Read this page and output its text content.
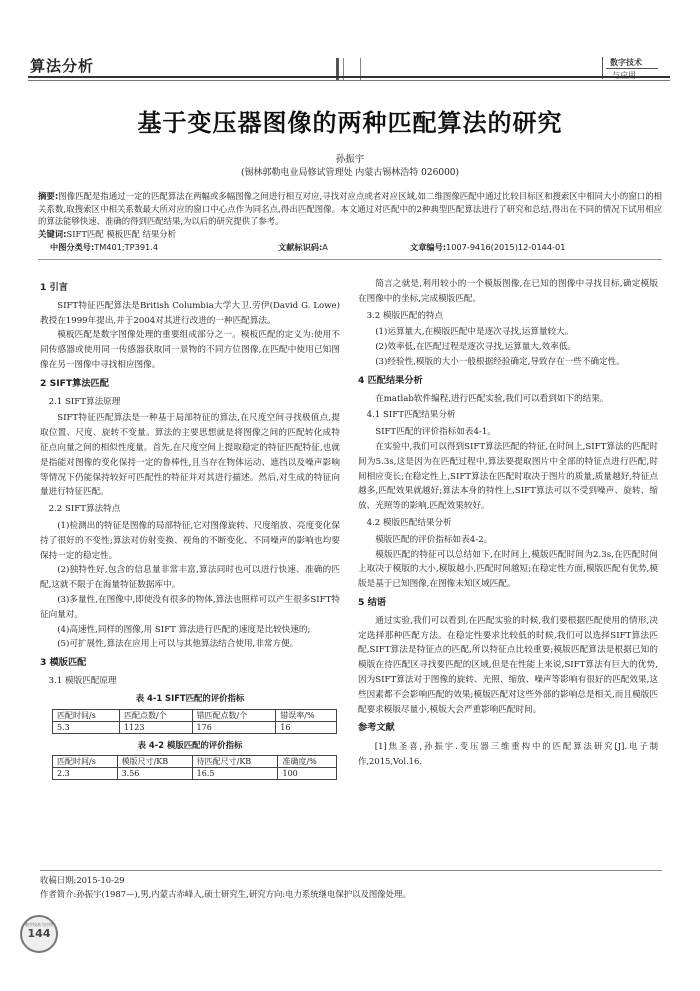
算法分析	数字技术
基于变压器图像的两种匹配算法的研究
孙振宇
(锡林郭勒电业局修试管理处 内蒙古锡林浩特 026000)
摘要:图像匹配是指通过一定的匹配算法在两幅或多幅图像之间进行相互对应,寻找对应点或者对应区域,如二维图像匹配中通过比较目标区和搜索区中相同大小的窗口的相关系数,取搜索区中相关系数最大所对应的窗口中心点作为同名点,得出匹配图像。本文通过对匹配中的2种典型匹配算法进行了研究和总结,得出在不同的情况下试用相应的算法能够快速、准确的得到匹配结果,为以后的研究提供了参考。
关键词:SIFT匹配 模板匹配 结果分析
中图分类号:TM401;TP391.4	文献标识码:A	文章编号:1007-9416(2015)12-0144-01
1 引言

SIFT特征匹配算法是British Columbia大学大卫.劳伊(David G. Lowe)教授在1999年提出,并于2004对其进行改进的一种匹配算法。

模板匹配是数字图像处理的重要组成部分之一。模板匹配的定义为:使用不同传感器或使用同一传感器获取同一景物的不同方位图像,在匹配中使用已知图像在另一图像中寻找相应图像。

2 SIFT算法匹配

2.1 SIFT算法原理

SIFT特征匹配算法是一种基于局部特征的算法,在尺度空间寻找极值点,提取位置、尺度、旋转不变量。算法的主要思想就是将图像之间的匹配转化成特征点向量之间的相似性度量。首先,在尺度空间上提取稳定的特征匹配特征,也就是指能对图像的变化保持一定的鲁棒性,且当存在物体运动、遮挡以及噪声影响等情况下仍能保持较好可匹配性的特征并对其进行描述。然后,对生成的特征向量进行特征匹配。

2.2 SIFT算法特点

(1)检测出的特征是图像的局部特征,它对图像旋转、尺度缩放、亮度变化保持了很好的不变性;算法对仿射变换、视角的不断变化、不同噪声的影响也均要保持一定的稳定性。

(2)独特性好,包含的信息量非常丰富,算法同时也可以进行快速、准确的匹配,这就不限于在海量特征数据库中。

(3)多量性,在图像中,即使没有很多的物体,算法也照样可以产生很多SIFT特征向量对。

(4)高速性,同样的图像,用 SIFT 算法进行匹配的速度是比较快速的;

(5)可扩展性,算法在应用上可以与其他算法结合使用,非常方便。

3 模版匹配

3.1 模版匹配原理

表 4-1 SIFT匹配的评价指标
匹配时间/s	匹配点数/个	错匹配点数/个	错误率/%
5.3	1123	176	16
表 4-2 模版匹配的评价指标
匹配时间/s	模版尺寸/KB	待匹配尺寸/KB	准确度/%
2.3	3.56	16.5	100

简言之就是,利用较小的一个模版图像,在已知的图像中寻找目标,确定模版在图像中的坐标,完成模版匹配。

3.2 模版匹配的特点

(1)运算量大,在模版匹配中是逐次寻找,运算量较大。

(2)效率低,在匹配过程是逐次寻找,运算量大,效率低。

(3)经验性,模版的大小一般根据经验确定,导致存在一些不确定性。

4 匹配结果分析

在matlab软件编程,进行匹配实验,我们可以看到如下的结果。

4.1 SIFT匹配结果分析

SIFT匹配的评价指标如表4-1。

在实验中,我们可以得到SIFT算法匹配的特征,在时间上,SIFT算法的匹配时间为5.3s,这是因为在匹配过程中,算法要提取图片中全部的特征点进行匹配,时间相应变长;在稳定性上,SIFT算法在匹配时取决于图片的质量,质量越好,特征点越多,匹配效果就越好;算法本身的特性上,SIFT算法可以不受到噪声、旋转、缩放、光照等的影响,匹配效果较好。

4.2 模版匹配结果分析

模版匹配的评价指标如表4-2。

模版匹配的特征可以总结如下,在时间上,模版匹配时间为2.3s,在匹配时间上取决于模版的大小,模版越小,匹配时间越短;在稳定性方面,模版匹配有优势,模版是基于已知图像,在图像未知区域匹配。

5 结语

通过实验,我们可以看到,在匹配实验的时候,我们要根据匹配使用的情形,决定选择那种匹配方法。在稳定性要求比较低的时候,我们可以选择SIFT算法匹配,SIFT算法是特征点的匹配,所以特征点比较重要;模版匹配算法是根据已知的模版在待匹配区寻找要匹配的区域,但是在性能上来说,SIFT算法有巨大的优势,因为SIFT算法对于图像的旋转、光照、缩放、噪声等影响有很好的匹配效果,这些因素都不会影响匹配的效果;模版匹配对这些外部的影响总是相关,而且模版匹配要求模版尽量小,模版大会严重影响匹配时间。

参考文献

[1]焦圣喜,孙振宇.变压器三维重构中的匹配算法研究[J].电子制作,2015,Vol.16.

收稿日期:2015-10-29
作者简介:孙振宇(1987—),男,内蒙古赤峰人,硕士研究生,研究方向:电力系统继电保护以及图像处理。
数字技术与应用
144
